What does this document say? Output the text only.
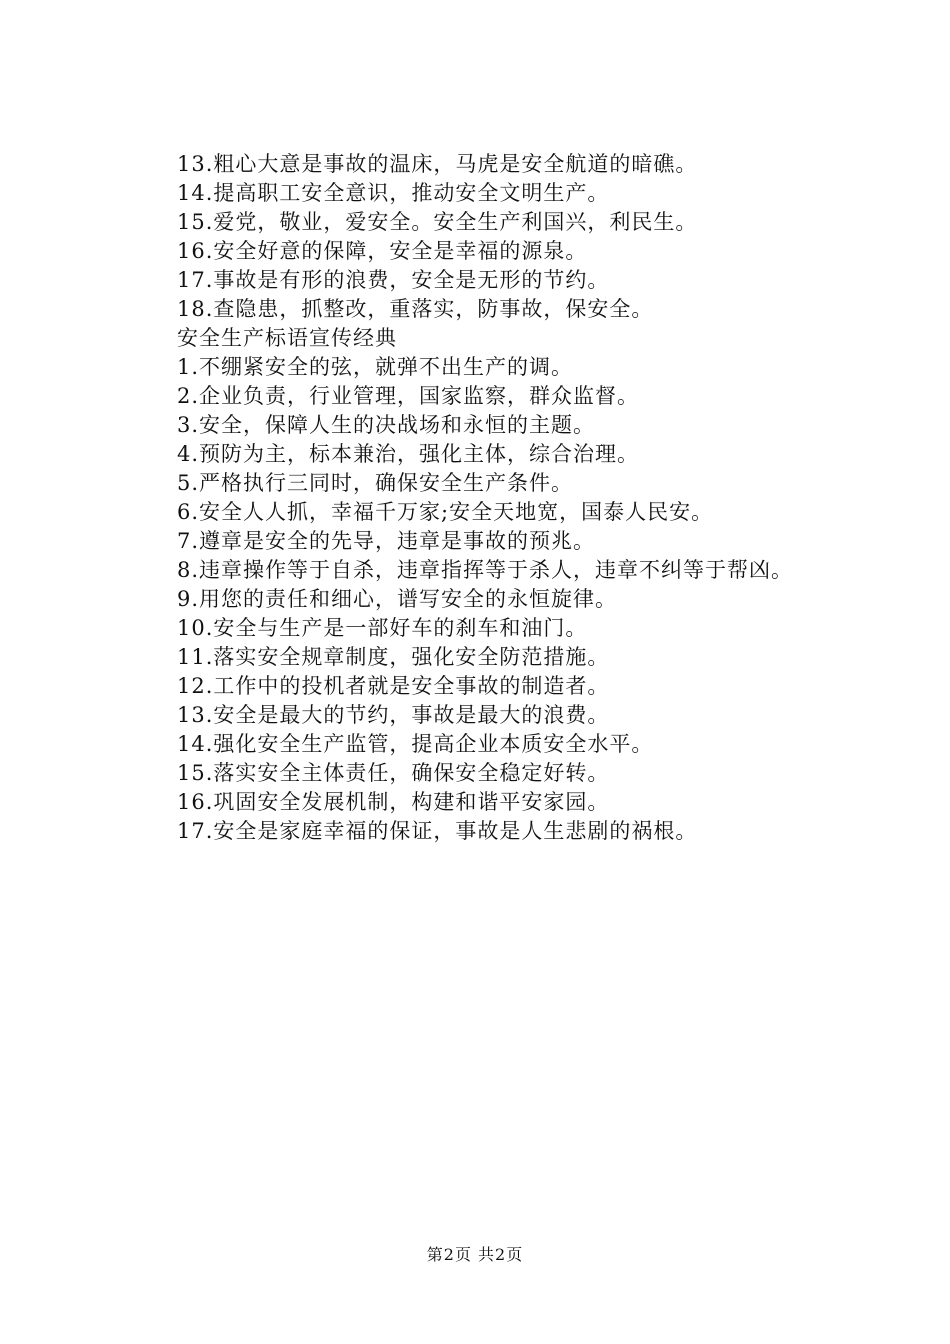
13.粗心大意是事故的温床，马虎是安全航道的暗礁。
14.提高职工安全意识，推动安全文明生产。
15.爱党，敬业，爱安全。安全生产利国兴，利民生。
16.安全好意的保障，安全是幸福的源泉。
17.事故是有形的浪费，安全是无形的节约。
18.查隐患，抓整改，重落实，防事故，保安全。
安全生产标语宣传经典
1.不绷紧安全的弦，就弹不出生产的调。
2.企业负责，行业管理，国家监察，群众监督。
3.安全，保障人生的决战场和永恒的主题。
4.预防为主，标本兼治，强化主体，综合治理。
5.严格执行三同时，确保安全生产条件。
6.安全人人抓，幸福千万家;安全天地宽，国泰人民安。
7.遵章是安全的先导，违章是事故的预兆。
8.违章操作等于自杀，违章指挥等于杀人，违章不纠等于帮凶。
9.用您的责任和细心，谱写安全的永恒旋律。
10.安全与生产是一部好车的刹车和油门。
11.落实安全规章制度，强化安全防范措施。
12.工作中的投机者就是安全事故的制造者。
13.安全是最大的节约，事故是最大的浪费。
14.强化安全生产监管，提高企业本质安全水平。
15.落实安全主体责任，确保安全稳定好转。
16.巩固安全发展机制，构建和谐平安家园。
17.安全是家庭幸福的保证，事故是人生悲剧的祸根。
第2页 共2页
